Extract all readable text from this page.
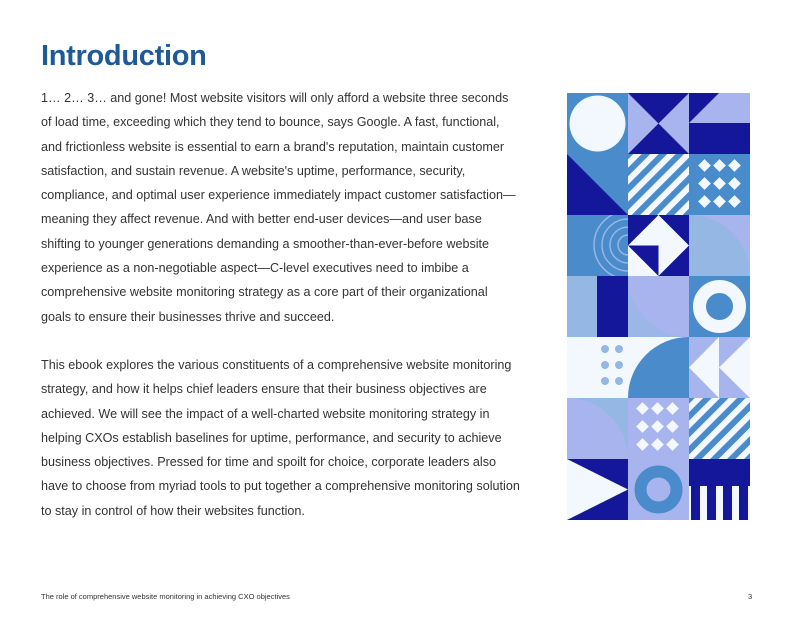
Introduction

1… 2… 3… and gone! Most website visitors will only afford a website three seconds of load time, exceeding which they tend to bounce, says Google. A fast, functional, and frictionless website is essential to earn a brand's reputation, maintain customer satisfaction, and sustain revenue. A website's uptime, performance, security, compliance, and optimal user experience immediately impact customer satisfaction—meaning they affect revenue. And with better end-user devices—and user base shifting to younger generations demanding a smoother-than-ever-before website experience as a non-negotiable aspect—C-level executives need to imbibe a comprehensive website monitoring strategy as a core part of their organizational goals to ensure their businesses thrive and succeed.

This ebook explores the various constituents of a comprehensive website monitoring strategy, and how it helps chief leaders ensure that their business objectives are achieved. We will see the impact of a well-charted website monitoring strategy in helping CXOs establish baselines for uptime, performance, and security to achieve business objectives. Pressed for time and spoilt for choice, corporate leaders also have to choose from myriad tools to put together a comprehensive monitoring solution to stay in control of how their websites function.

The role of comprehensive website monitoring in achieving CXO objectives	3
